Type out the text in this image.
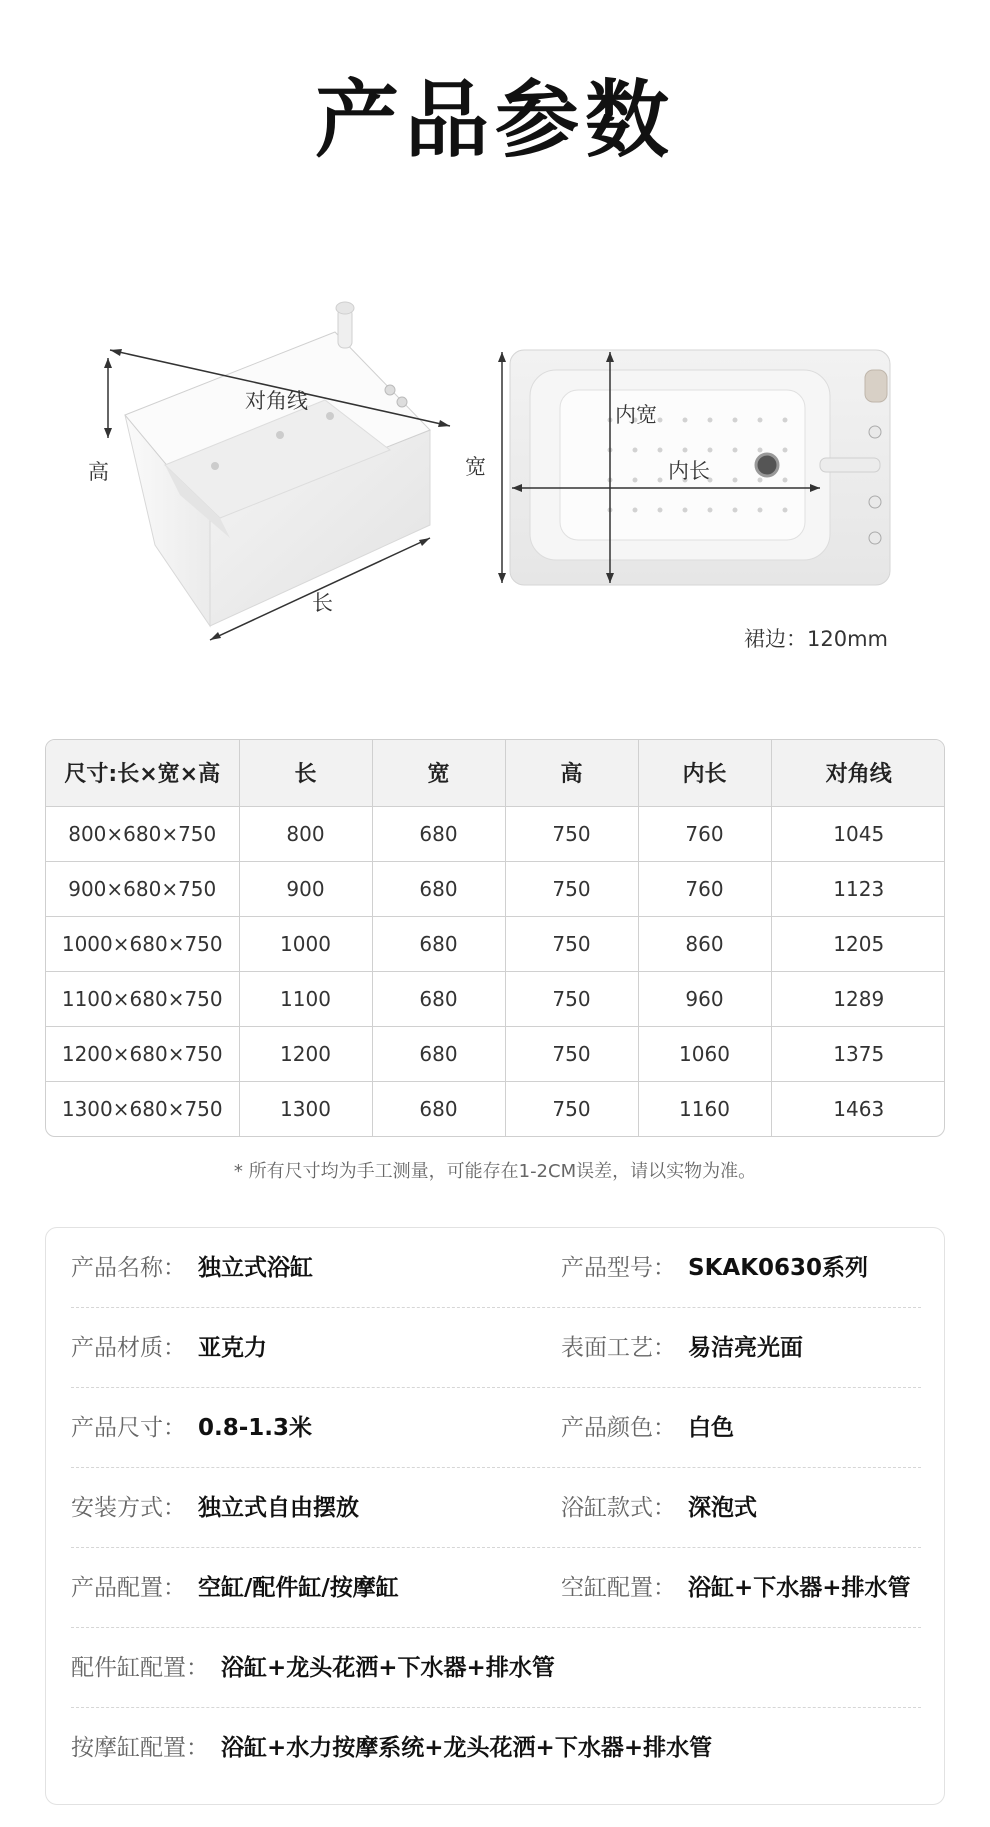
产品参数
对角线
高
长
宽
内宽
内长
裙边：120mm
尺寸:长×宽×高	长	宽	高	内长	对角线
800×680×750	800	680	750	760	1045
900×680×750	900	680	750	760	1123
1000×680×750	1000	680	750	860	1205
1100×680×750	1100	680	750	960	1289
1200×680×750	1200	680	750	1060	1375
1300×680×750	1300	680	750	1160	1463
* 所有尺寸均为手工测量，可能存在1-2CM误差，请以实物为准。
产品名称： 独立式浴缸	产品型号： SKAK0630系列
产品材质： 亚克力	表面工艺： 易洁亮光面
产品尺寸： 0.8-1.3米	产品颜色： 白色
安装方式： 独立式自由摆放	浴缸款式： 深泡式
产品配置： 空缸/配件缸/按摩缸	空缸配置： 浴缸+下水器+排水管
配件缸配置： 浴缸+龙头花洒+下水器+排水管
按摩缸配置： 浴缸+水力按摩系统+龙头花洒+下水器+排水管
